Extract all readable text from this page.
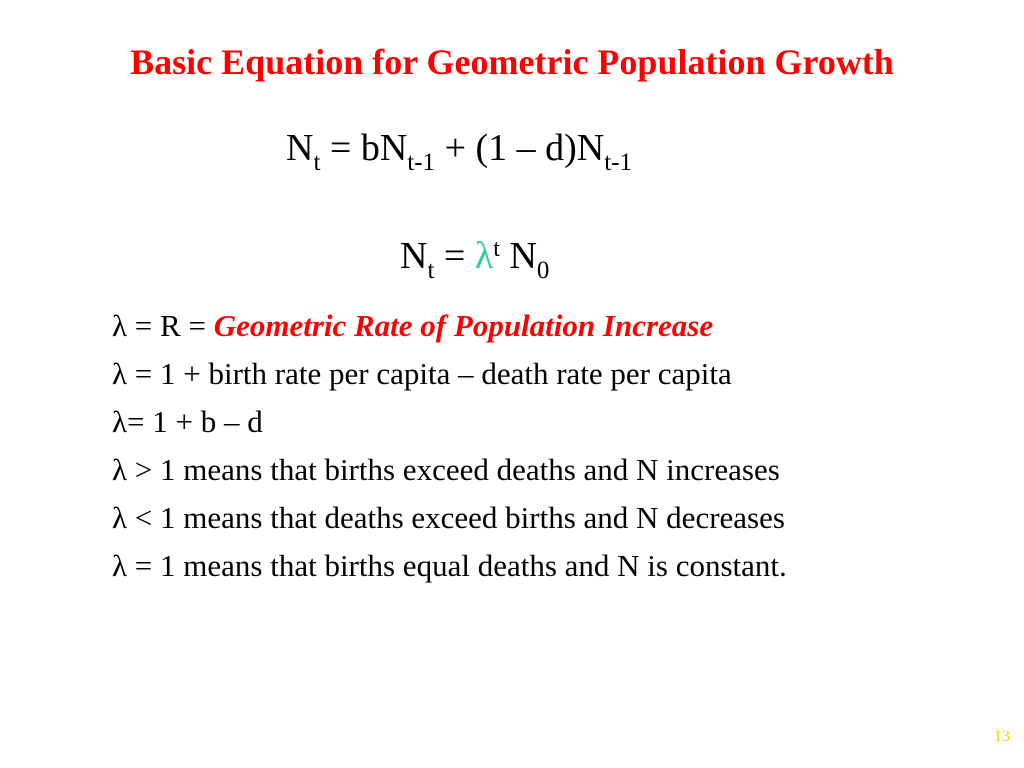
Basic Equation for Geometric Population Growth
$N_t = bN_{t-1} + (1 - d)N_{t-1}$
$N_t = \lambda^t$ $N_0$
λ = R = Geometric Rate of Population Increase
λ = 1 + birth rate per capita – death rate per capita
λ= 1 + b – d
λ > 1 means that births exceed deaths and N increases
λ < 1 means that deaths exceed births and N decreases
λ = 1 means that births equal deaths and N is constant.
13
